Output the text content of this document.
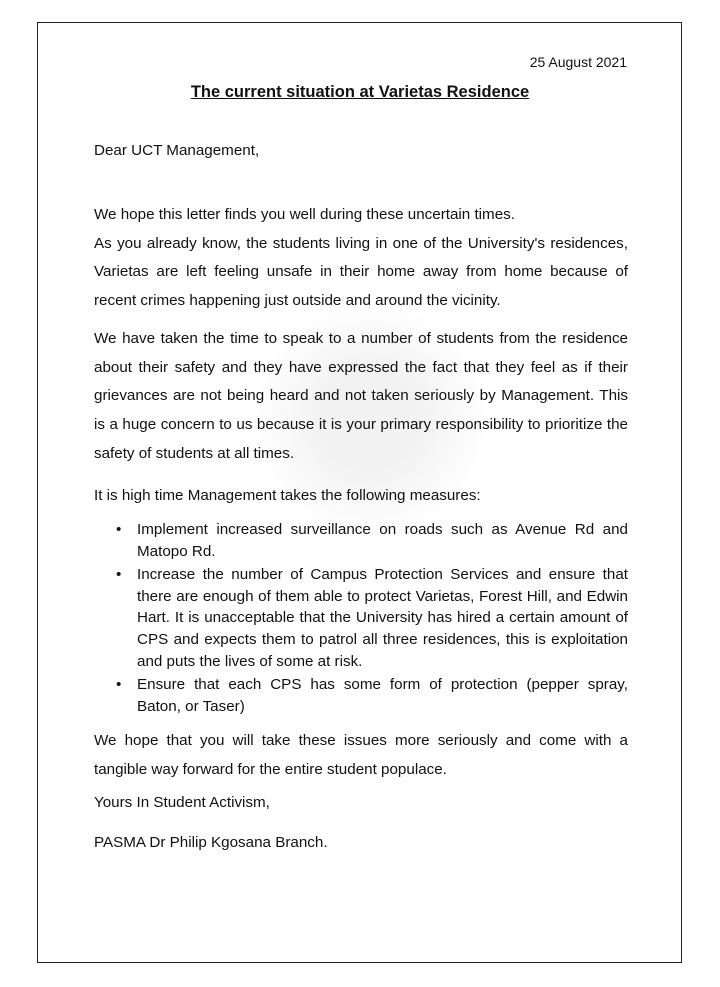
25 August 2021
The current situation at Varietas Residence
Dear UCT Management,

We hope this letter finds you well during these uncertain times.

As you already know, the students living in one of the University's residences, Varietas are left feeling unsafe in their home away from home because of recent crimes happening just outside and around the vicinity.

We have taken the time to speak to a number of students from the residence about their safety and they have expressed the fact that they feel as if their grievances are not being heard and not taken seriously by Management. This is a huge concern to us because it is your primary responsibility to prioritize the safety of students at all times.

It is high time Management takes the following measures:

• Implement increased surveillance on roads such as Avenue Rd and Matopo Rd.
• Increase the number of Campus Protection Services and ensure that there are enough of them able to protect Varietas, Forest Hill, and Edwin Hart. It is unacceptable that the University has hired a certain amount of CPS and expects them to patrol all three residences, this is exploitation and puts the lives of some at risk.
• Ensure that each CPS has some form of protection (pepper spray, Baton, or Taser)

We hope that you will take these issues more seriously and come with a tangible way forward for the entire student populace.

Yours In Student Activism,
PASMA Dr Philip Kgosana Branch.
